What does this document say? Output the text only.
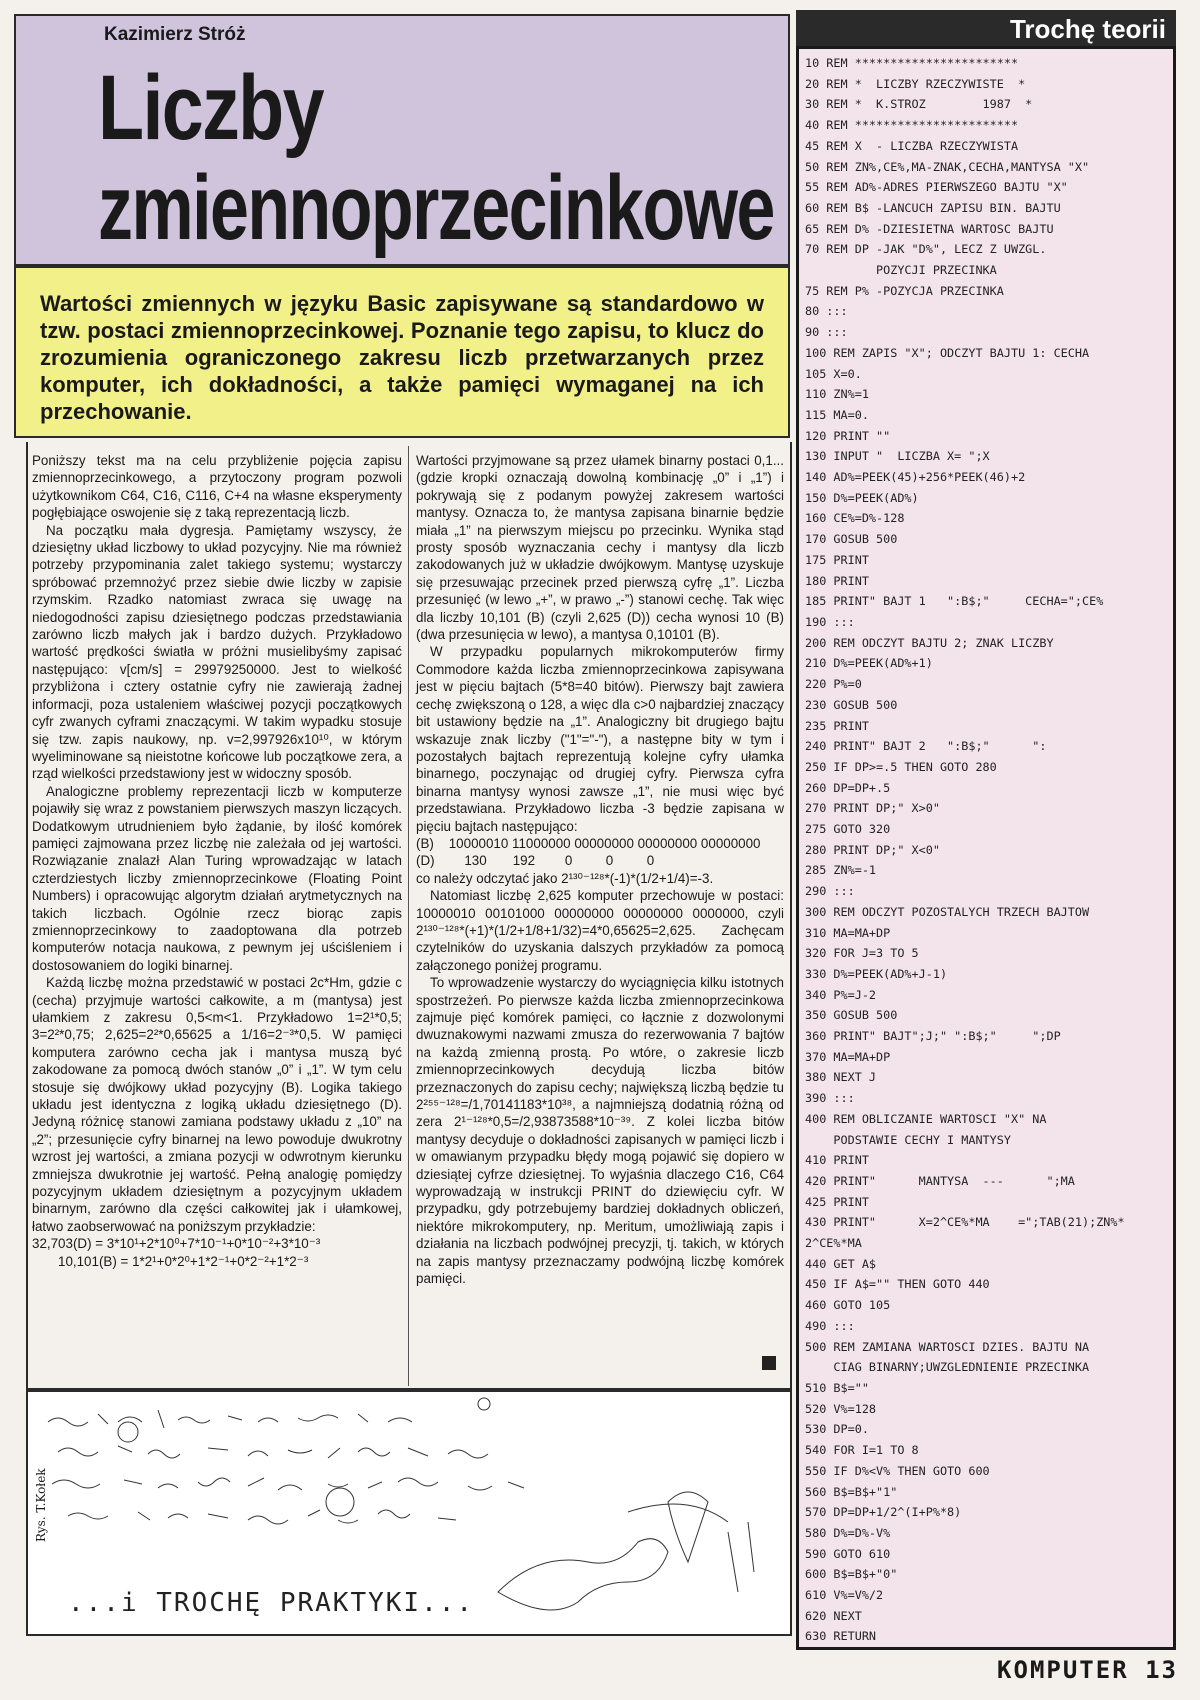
Kazimierz Stróż
Liczby
zmiennoprzecinkowe
Wartości zmiennych w języku Basic zapisywane są standardowo w tzw. postaci zmiennoprzecinkowej. Poznanie tego zapisu, to klucz do zrozumienia ograniczonego zakresu liczb przetwarzanych przez komputer, ich dokładności, a także pamięci wymaganej na ich przechowanie.

Poniższy tekst ma na celu przybliżenie pojęcia zapisu zmiennoprzecinkowego, a przytoczony program pozwoli użytkownikom C64, C16, C116, C+4 na własne eksperymenty pogłębiające oswojenie się z taką reprezentacją liczb.

Na początku mała dygresja. Pamiętamy wszyscy, że dziesiętny układ liczbowy to układ pozycyjny. Nie ma również potrzeby przypominania zalet takiego systemu; wystarczy spróbować przemnożyć przez siebie dwie liczby w zapisie rzymskim. Rzadko natomiast zwraca się uwagę na niedogodności zapisu dziesiętnego podczas przedstawiania zarówno liczb małych jak i bardzo dużych. Przykładowo wartość prędkości światła w próżni musielibyśmy zapisać następująco: v[cm/s] = 29979250000. Jest to wielkość przybliżona i cztery ostatnie cyfry nie zawierają żadnej informacji, poza ustaleniem właściwej pozycji początkowych cyfr zwanych cyframi znaczącymi. W takim wypadku stosuje się tzw. zapis naukowy, np. v=2,997926x10¹⁰, w którym wyeliminowane są nieistotne końcowe lub początkowe zera, a rząd wielkości przedstawiony jest w widoczny sposób.

Analogiczne problemy reprezentacji liczb w komputerze pojawiły się wraz z powstaniem pierwszych maszyn liczących. Dodatkowym utrudnieniem było żądanie, by ilość komórek pamięci zajmowana przez liczbę nie zależała od jej wartości. Rozwiązanie znalazł Alan Turing wprowadzając w latach czterdziestych liczby zmiennoprzecinkowe (Floating Point Numbers) i opracowując algorytm działań arytmetycznych na takich liczbach. Ogólnie rzecz biorąc zapis zmiennoprzecinkowy to zaadoptowana dla potrzeb komputerów notacja naukowa, z pewnym jej uściśleniem i dostosowaniem do logiki binarnej.

Każdą liczbę można przedstawić w postaci 2c*Hm, gdzie c (cecha) przyjmuje wartości całkowite, a m (mantysa) jest ułamkiem z zakresu 0,5<m<1. Przykładowo 1=2¹*0,5; 3=2²*0,75; 2,625=2²*0,65625 a 1/16=2⁻³*0,5. W pamięci komputera zarówno cecha jak i mantysa muszą być zakodowane za pomocą dwóch stanów „0” i „1”. W tym celu stosuje się dwójkowy układ pozycyjny (B). Logika takiego układu jest identyczna z logiką układu dziesiętnego (D). Jedyną różnicę stanowi zamiana podstawy układu z „10” na „2”; przesunięcie cyfry binarnej na lewo powoduje dwukrotny wzrost jej wartości, a zmiana pozycji w odwrotnym kierunku zmniejsza dwukrotnie jej wartość. Pełną analogię pomiędzy pozycyjnym układem dziesiętnym a pozycyjnym układem binarnym, zarówno dla części całkowitej jak i ułamkowej, łatwo zaobserwować na poniższym przykładzie:

32,703(D) = 3*10¹+2*10⁰+7*10⁻¹+0*10⁻²+3*10⁻³

10,101(B) = 1*2¹+0*2⁰+1*2⁻¹+0*2⁻²+1*2⁻³

Wartości przyjmowane są przez ułamek binarny postaci 0,1... (gdzie kropki oznaczają dowolną kombinację „0” i „1”) i pokrywają się z podanym powyżej zakresem wartości mantysy. Oznacza to, że mantysa zapisana binarnie będzie miała „1” na pierwszym miejscu po przecinku. Wynika stąd prosty sposób wyznaczania cechy i mantysy dla liczb zakodowanych już w układzie dwójkowym. Mantysę uzyskuje się przesuwając przecinek przed pierwszą cyfrę „1”. Liczba przesunięć (w lewo „+”, w prawo „-”) stanowi cechę. Tak więc dla liczby 10,101 (B) (czyli 2,625 (D)) cecha wynosi 10 (B) (dwa przesunięcia w lewo), a mantysa 0,10101 (B).

W przypadku popularnych mikrokomputerów firmy Commodore każda liczba zmiennoprzecinkowa zapisywana jest w pięciu bajtach (5*8=40 bitów). Pierwszy bajt zawiera cechę zwiększoną o 128, a więc dla c>0 najbardziej znaczący bit ustawiony będzie na „1”. Analogiczny bit drugiego bajtu wskazuje znak liczby ("1"="-"), a następne bity w tym i pozostałych bajtach reprezentują kolejne cyfry ułamka binarnego, poczynając od drugiej cyfry. Pierwsza cyfra binarna mantysy wynosi zawsze „1”, nie musi więc być przedstawiana. Przykładowo liczba -3 będzie zapisana w pięciu bajtach następująco:

(B)    10000010 11000000 00000000 00000000 00000000

(D)        130       192        0         0         0

co należy odczytać jako 2¹³⁰⁻¹²⁸*(-1)*(1/2+1/4)=-3.

Natomiast liczbę 2,625 komputer przechowuje w postaci: 10000010 00101000 00000000 00000000 0000000, czyli 2¹³⁰⁻¹²⁸*(+1)*(1/2+1/8+1/32)=4*0,65625=2,625. Zachęcam czytelników do uzyskania dalszych przykładów za pomocą załączonego poniżej programu.

To wprowadzenie wystarczy do wyciągnięcia kilku istotnych spostrzeżeń. Po pierwsze każda liczba zmiennoprzecinkowa zajmuje pięć komórek pamięci, co łącznie z dozwolonymi dwuznakowymi nazwami zmusza do rezerwowania 7 bajtów na każdą zmienną prostą. Po wtóre, o zakresie liczb zmiennoprzecinkowych decydują liczba bitów przeznaczonych do zapisu cechy; największą liczbą będzie tu 2²⁵⁵⁻¹²⁸=/1,70141183*10³⁸, a najmniejszą dodatnią różną od zera 2¹⁻¹²⁸*0,5=/2,93873588*10⁻³⁹. Z kolei liczba bitów mantysy decyduje o dokładności zapisanych w pamięci liczb i w omawianym przypadku błędy mogą pojawić się dopiero w dziesiątej cyfrze dziesiętnej. To wyjaśnia dlaczego C16, C64 wyprowadzają w instrukcji PRINT do dziewięciu cyfr. W przypadku, gdy potrzebujemy bardziej dokładnych obliczeń, niektóre mikrokomputery, np. Meritum, umożliwiają zapis i działania na liczbach podwójnej precyzji, tj. takich, w których na zapis mantysy przeznaczamy podwójną liczbę komórek pamięci.

Rys. T.Kołek
...i TROCHĘ PRAKTYKI...
Trochę teorii
10 REM ***********************
20 REM *  LICZBY RZECZYWISTE  *
30 REM *  K.STROZ        1987  *
40 REM ***********************
45 REM X  - LICZBA RZECZYWISTA
50 REM ZN%,CE%,MA-ZNAK,CECHA,MANTYSA "X"
55 REM AD%-ADRES PIERWSZEGO BAJTU "X"
60 REM B$ -LANCUCH ZAPISU BIN. BAJTU
65 REM D% -DZIESIETNA WARTOSC BAJTU
70 REM DP -JAK "D%", LECZ Z UWZGL.
POZYCJI PRZECINKA
75 REM P% -POZYCJA PRZECINKA
80 :::
90 :::
100 REM ZAPIS "X"; ODCZYT BAJTU 1: CECHA
105 X=0.
110 ZN%=1
115 MA=0.
120 PRINT ""
130 INPUT "  LICZBA X= ";X
140 AD%=PEEK(45)+256*PEEK(46)+2
150 D%=PEEK(AD%)
160 CE%=D%-128
170 GOSUB 500
175 PRINT
180 PRINT
185 PRINT" BAJT 1   ":B$;"     CECHA=";CE%
190 :::
200 REM ODCZYT BAJTU 2; ZNAK LICZBY
210 D%=PEEK(AD%+1)
220 P%=0
230 GOSUB 500
235 PRINT
240 PRINT" BAJT 2   ":B$;"      ":
250 IF DP>=.5 THEN GOTO 280
260 DP=DP+.5
270 PRINT DP;" X>0"
275 GOTO 320
280 PRINT DP;" X<0"
285 ZN%=-1
290 :::
300 REM ODCZYT POZOSTALYCH TRZECH BAJTOW
310 MA=MA+DP
320 FOR J=3 TO 5
330 D%=PEEK(AD%+J-1)
340 P%=J-2
350 GOSUB 500
360 PRINT" BAJT";J;" ":B$;"     ";DP
370 MA=MA+DP
380 NEXT J
390 :::
400 REM OBLICZANIE WARTOSCI "X" NA
PODSTAWIE CECHY I MANTYSY
410 PRINT
420 PRINT"      MANTYSA  ---      ";MA
425 PRINT
430 PRINT"      X=2^CE%*MA    =";TAB(21);ZN%*
2^CE%*MA
440 GET A$
450 IF A$="" THEN GOTO 440
460 GOTO 105
490 :::
500 REM ZAMIANA WARTOSCI DZIES. BAJTU NA
CIAG BINARNY;UWZGLEDNIENIE PRZECINKA
510 B$=""
520 V%=128
530 DP=0.
540 FOR I=1 TO 8
550 IF D%<V% THEN GOTO 600
560 B$=B$+"1"
570 DP=DP+1/2^(I+P%*8)
580 D%=D%-V%
590 GOTO 610
600 B$=B$+"0"
610 V%=V%/2
620 NEXT
630 RETURN
KOMPUTER 13
